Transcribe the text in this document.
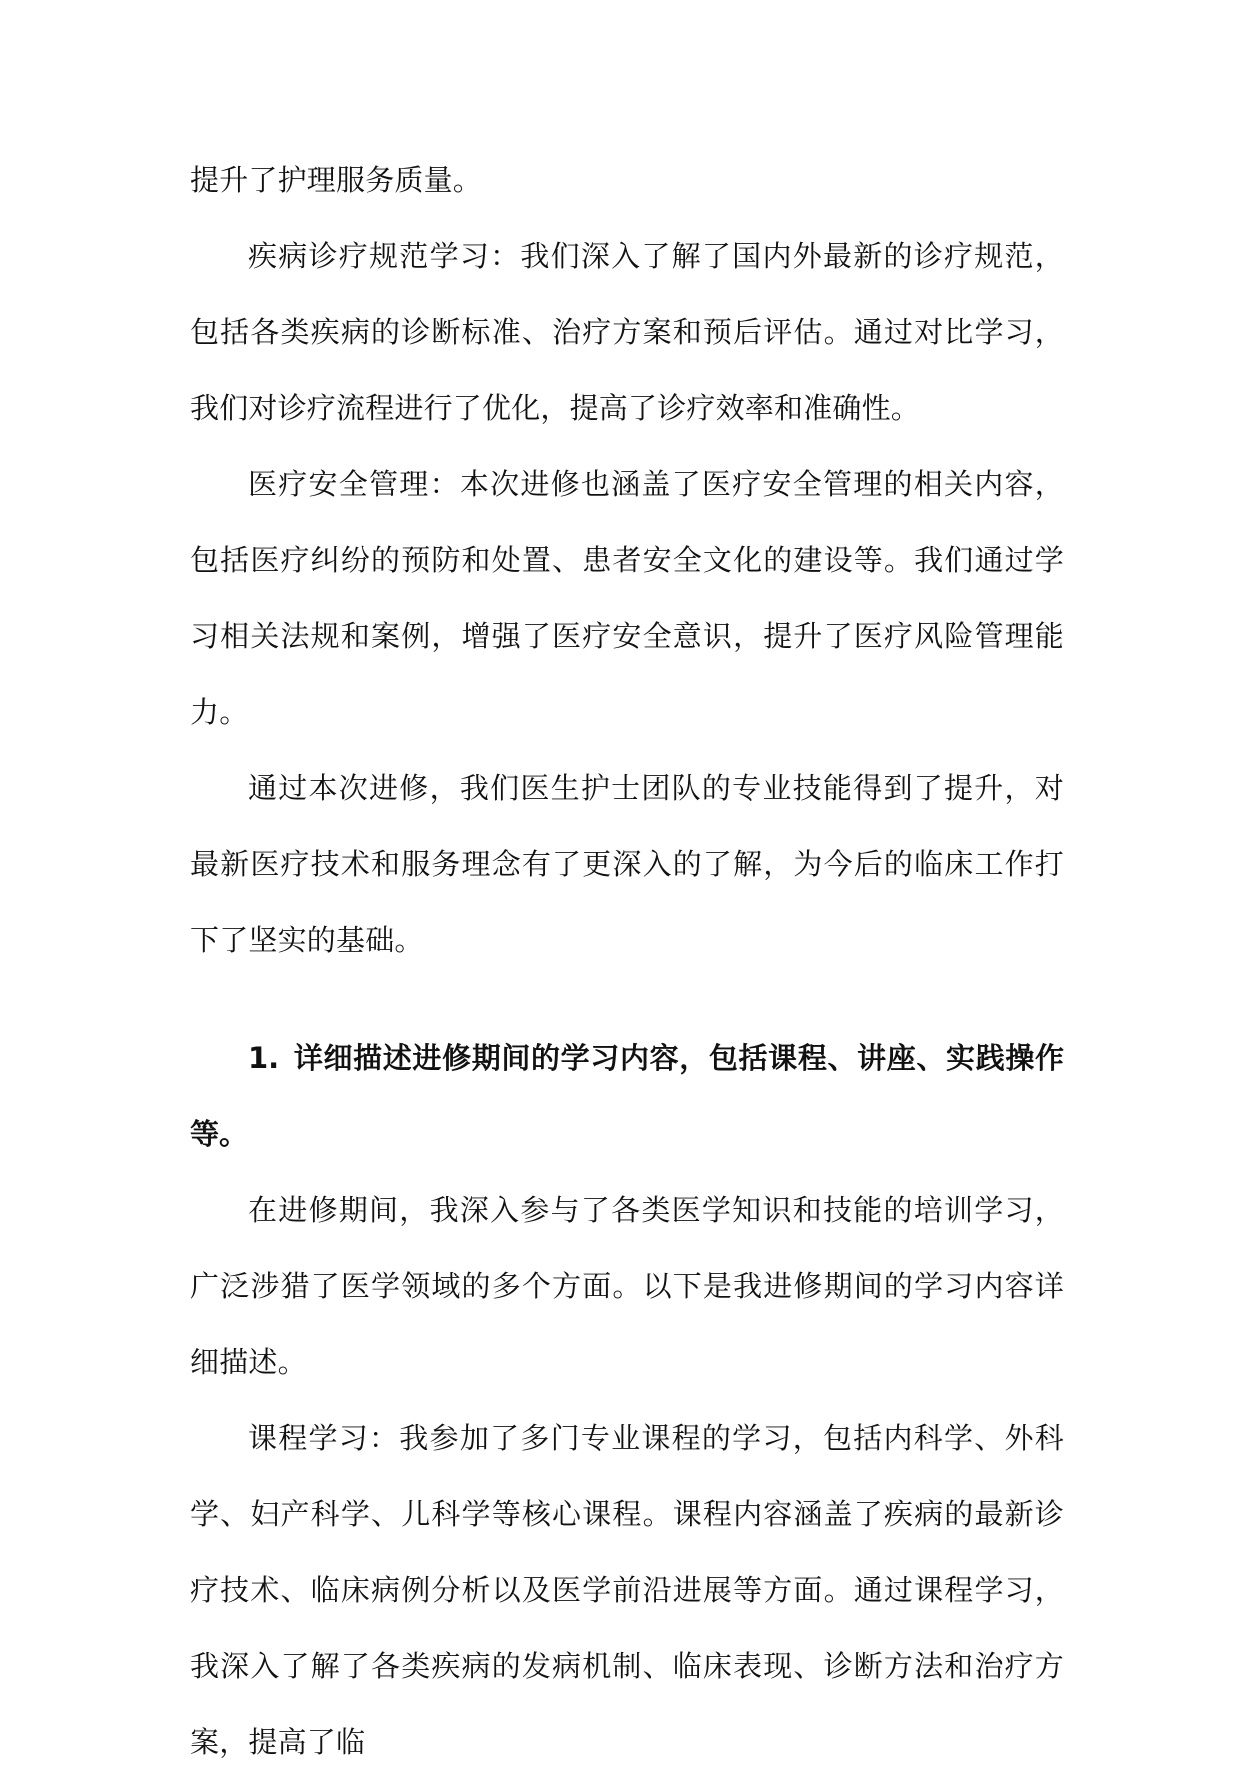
提升了护理服务质量。

疾病诊疗规范学习：我们深入了解了国内外最新的诊疗规范，包括各类疾病的诊断标准、治疗方案和预后评估。通过对比学习，我们对诊疗流程进行了优化，提高了诊疗效率和准确性。

医疗安全管理：本次进修也涵盖了医疗安全管理的相关内容，包括医疗纠纷的预防和处置、患者安全文化的建设等。我们通过学习相关法规和案例，增强了医疗安全意识，提升了医疗风险管理能力。

通过本次进修，我们医生护士团队的专业技能得到了提升，对最新医疗技术和服务理念有了更深入的了解，为今后的临床工作打下了坚实的基础。

1. 详细描述进修期间的学习内容，包括课程、讲座、实践操作等。

在进修期间，我深入参与了各类医学知识和技能的培训学习，广泛涉猎了医学领域的多个方面。以下是我进修期间的学习内容详细描述。

课程学习：我参加了多门专业课程的学习，包括内科学、外科学、妇产科学、儿科学等核心课程。课程内容涵盖了疾病的最新诊疗技术、临床病例分析以及医学前沿进展等方面。通过课程学习，我深入了解了各类疾病的发病机制、临床表现、诊断方法和治疗方案，提高了临
